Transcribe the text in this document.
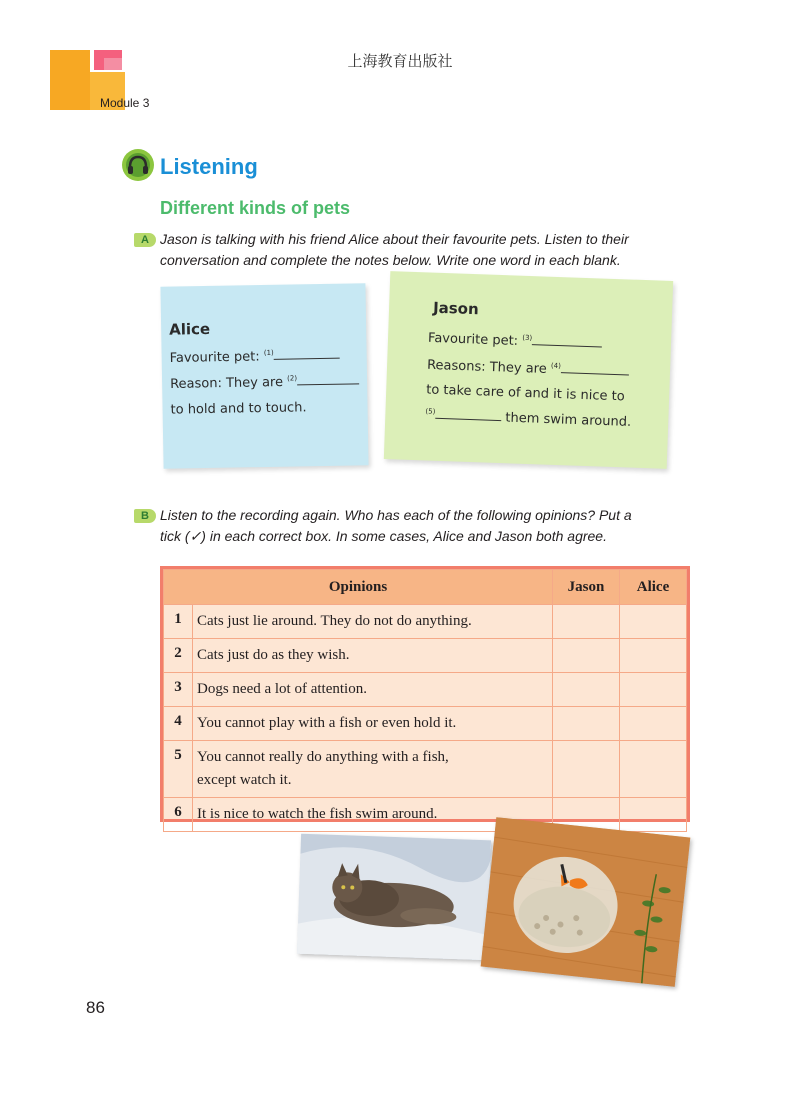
上海教育出版社
Module 3
Listening
Different kinds of pets
A Jason is talking with his friend Alice about their favourite pets. Listen to their
conversation and complete the notes below. Write one word in each blank.
Alice
Favourite pet: $^{(1)}$
Reason: They are $^{(2)}$
to hold and to touch.
Jason
Favourite pet: $^{(3)}$
Reasons: They are $^{(4)}$
to take care of and it is nice to
$^{(5)}$	them swim around.
B Listen to the recording again. Who has each of the following opinions? Put a
tick (✓) in each correct box. In some cases, Alice and Jason both agree.
Opinions		Jason	Alice
1	Cats just lie around. They do not do anything.		
2	Cats just do as they wish.		
3	Dogs need a lot of attention.		
4	You cannot play with a fish or even hold it.		
5	You cannot really do anything with a fish,
except watch it.		

6	It is nice to watch the fish swim around.		
86
